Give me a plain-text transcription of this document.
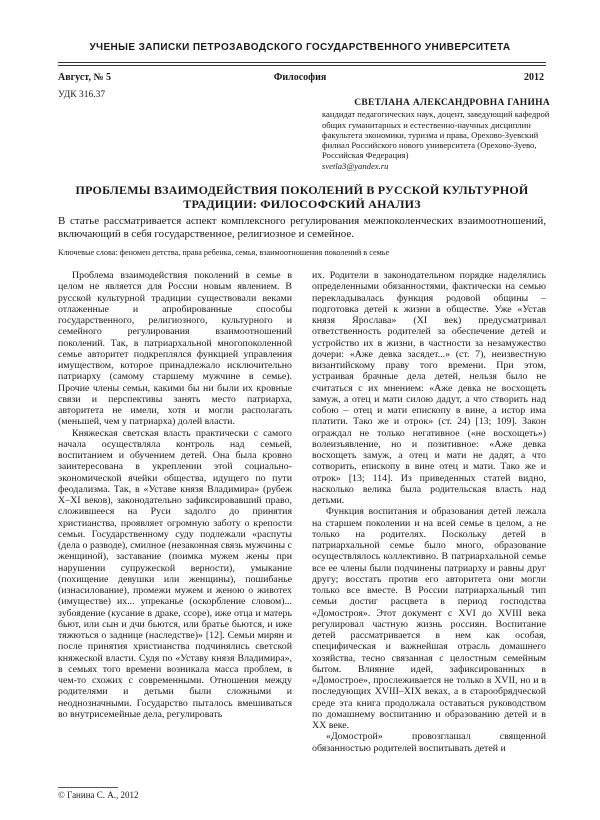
УЧЕНЫЕ ЗАПИСКИ ПЕТРОЗАВОДСКОГО ГОСУДАРСТВЕННОГО УНИВЕРСИТЕТА
Август, № 5	Философия	2012
УДК 316.37
СВЕТЛАНА АЛЕКСАНДРОВНА ГАНИНА
кандидат педагогических наук, доцент, заведующий кафедрой общих гуманитарных и естественно-научных дисциплин факультета экономики, туризма и права, Орехово-Зуевский филиал Российского нового университета (Орехово-Зуево, Российская Федерация)
svetla3@yandex.ru
ПРОБЛЕМЫ ВЗАИМОДЕЙСТВИЯ ПОКОЛЕНИЙ В РУССКОЙ КУЛЬТУРНОЙ ТРАДИЦИИ: ФИЛОСОФСКИЙ АНАЛИЗ
В статье рассматривается аспект комплексного регулирования межпоколенческих взаимоотношений, включающий в себя государственное, религиозное и семейное.
Ключевые слова: феномен детства, права ребенка, семья, взаимоотношения поколений в семье

Проблема взаимодействия поколений в семье в целом не является для России новым явлением. В русской культурной традиции существовали веками отлаженные и апробированные способы государственного, религиозного, культурного и семейного регулирования взаимоотношений поколений. Так, в патриархальной многопоколенной семье авторитет подкреплялся функцией управления имуществом, которое принадлежало исключительно патриарху (самому старшему мужчине в семье). Прочие члены семьи, какими бы ни были их кровные связи и перспективы занять место патриарха, авторитета не имели, хотя и могли располагать (меньшей, чем у патриарха) долей власти.

Княжеская светская власть практически с самого начала осуществляла контроль над семьей, воспитанием и обучением детей. Она была кровно заинтересована в укреплении этой социально-экономической ячейки общества, идущего по пути феодализма. Так, в «Уставе князя Владимира» (рубеж X–XI веков), законодательно зафиксировавший право, сложившееся на Руси задолго до принятия христианства, проявляет огромную заботу о крепости семьи. Государственному суду подлежали «распуты (дела о разводе), смилное (незаконная связь мужчины с женщиной), заставание (поимка мужем жены при нарушении супружеской верности), умыкание (похищение девушки или женщины), пошибанье (изнасилование), промежи мужем и женою о животех (имуществе) их... упреканье (оскорбление словом)... зубоядение (кусание в драке, ссоре), иже отца и матерь бьют, или сын и дчи бьются, или братье бьются, и иже тяжються о заднице (наследстве)» [12]. Семьи мирян и после принятия христианства подчинялись светской княжеской власти. Судя по «Уставу князя Владимира», в семьях того времени возникала масса проблем, в чем-то схожих с современными. Отношения между родителями и детьми были сложными и неоднозначными. Государство пыталось вмешиваться во внутрисемейные дела, регулировать

их. Родители в законодательном порядке наделялись определенными обязанностями, фактически на семью перекладывалась функция родовой общины – подготовка детей к жизни в обществе. Уже «Устав князя Ярослава» (XI век) предусматривал ответственность родителей за обеспечение детей и устройство их в жизни, в частности за незамужество дочери: «Аже девка засядет...» (ст. 7), неизвестную византийскому праву того времени. При этом, устраивая брачные дела детей, нельзя было не считаться с их мнением: «Аже девка не восхощеть замуж, а отец и мати силою дадут, а что створить над собою – отец и мати епископу в вине, а истор има платити. Тако же и отрок» (ст. 24) [13; 109]. Закон ограждал не только негативное («не восхощеть») волеизъявление, но и позитивное: «Аже девка восхощеть замуж, а отец и мати не дадят, а что сотворить, епископу в вине отец и мати. Тако же и отрок» [13; 114]. Из приведенных статей видно, насколько велика была родительская власть над детьми.

Функция воспитания и образования детей лежала на старшем поколении и на всей семье в целом, а не только на родителях. Поскольку детей в патриархальной семье было много, образование осуществлялось коллективно. В патриархальной семье все ее члены были подчинены патриарху и равны друг другу; восстать против его авторитета они могли только все вместе. В России патриархальный тип семьи достиг расцвета в период господства «Домостроя». Этот документ с XVI до XVIII века регулировал частную жизнь россиян. Воспитание детей рассматривается в нем как особая, специфическая и важнейшая отрасль домашнего хозяйства, тесно связанная с целостным семейным бытом. Влияние идей, зафиксированных в «Домострое», прослеживается не только в XVII, но и в последующих XVIII–XIX веках, а в старообрядческой среде эта книга продолжала оставаться руководством по домашнему воспитанию и образованию детей и в XX веке.

«Домострой» провозглашал священной обязанностью родителей воспитывать детей и

© Ганина С. А., 2012
